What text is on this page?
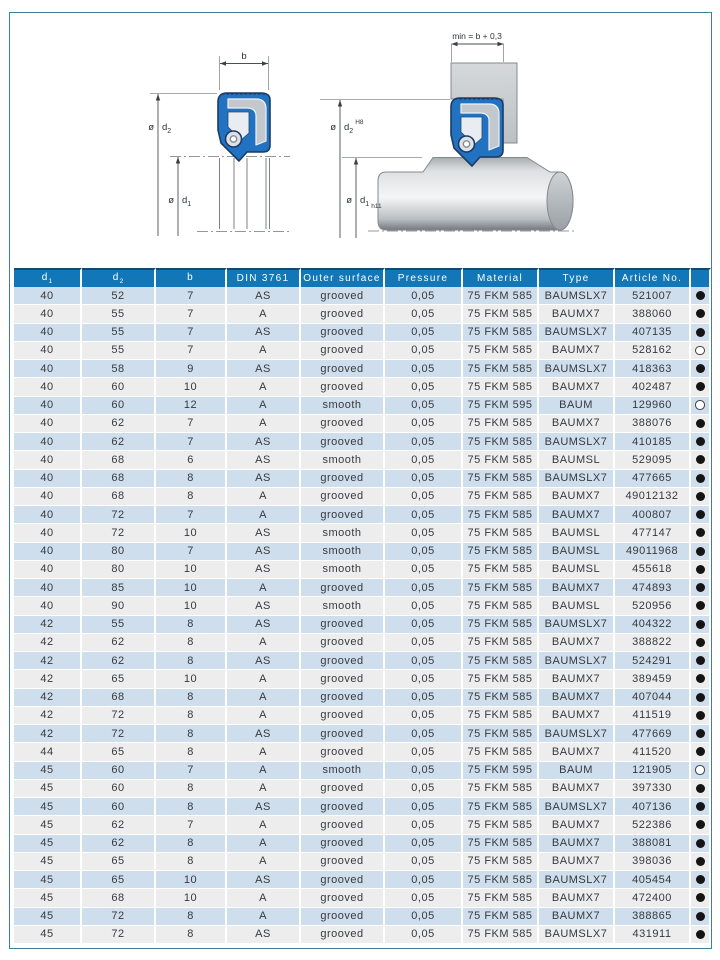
b
ø $d_2$
ø $d_1$
min = b + 0,3
ø $d_2^{H8}$
ø $d_1$ $_{h11}$
$d_1$	$d_2$	b	DIN 3761	Outer surface	Pressure	Material	Type	Article No.	
40	52	7	AS	grooved	0,05	75 FKM 585	BAUMSLX7	521007	
40	55	7	A	grooved	0,05	75 FKM 585	BAUMX7	388060	
40	55	7	AS	grooved	0,05	75 FKM 585	BAUMSLX7	407135	
40	55	7	A	grooved	0,05	75 FKM 585	BAUMX7	528162	
40	58	9	AS	grooved	0,05	75 FKM 585	BAUMSLX7	418363	
40	60	10	A	grooved	0,05	75 FKM 585	BAUMX7	402487	
40	60	12	A	smooth	0,05	75 FKM 595	BAUM	129960	
40	62	7	A	grooved	0,05	75 FKM 585	BAUMX7	388076	
40	62	7	AS	grooved	0,05	75 FKM 585	BAUMSLX7	410185	
40	68	6	AS	smooth	0,05	75 FKM 585	BAUMSL	529095	
40	68	8	AS	grooved	0,05	75 FKM 585	BAUMSLX7	477665	
40	68	8	A	grooved	0,05	75 FKM 585	BAUMX7	49012132	
40	72	7	A	grooved	0,05	75 FKM 585	BAUMX7	400807	
40	72	10	AS	smooth	0,05	75 FKM 585	BAUMSL	477147	
40	80	7	AS	smooth	0,05	75 FKM 585	BAUMSL	49011968	
40	80	10	AS	smooth	0,05	75 FKM 585	BAUMSL	455618	
40	85	10	A	grooved	0,05	75 FKM 585	BAUMX7	474893	
40	90	10	AS	smooth	0,05	75 FKM 585	BAUMSL	520956	
42	55	8	AS	grooved	0,05	75 FKM 585	BAUMSLX7	404322	
42	62	8	A	grooved	0,05	75 FKM 585	BAUMX7	388822	
42	62	8	AS	grooved	0,05	75 FKM 585	BAUMSLX7	524291	
42	65	10	A	grooved	0,05	75 FKM 585	BAUMX7	389459	
42	68	8	A	grooved	0,05	75 FKM 585	BAUMX7	407044	
42	72	8	A	grooved	0,05	75 FKM 585	BAUMX7	411519	
42	72	8	AS	grooved	0,05	75 FKM 585	BAUMSLX7	477669	
44	65	8	A	grooved	0,05	75 FKM 585	BAUMX7	411520	
45	60	7	A	smooth	0,05	75 FKM 595	BAUM	121905	
45	60	8	A	grooved	0,05	75 FKM 585	BAUMX7	397330	
45	60	8	AS	grooved	0,05	75 FKM 585	BAUMSLX7	407136	
45	62	7	A	grooved	0,05	75 FKM 585	BAUMX7	522386	
45	62	8	A	grooved	0,05	75 FKM 585	BAUMX7	388081	
45	65	8	A	grooved	0,05	75 FKM 585	BAUMX7	398036	
45	65	10	AS	grooved	0,05	75 FKM 585	BAUMSLX7	405454	
45	68	10	A	grooved	0,05	75 FKM 585	BAUMX7	472400	
45	72	8	A	grooved	0,05	75 FKM 585	BAUMX7	388865	
45	72	8	AS	grooved	0,05	75 FKM 585	BAUMSLX7	431911	
